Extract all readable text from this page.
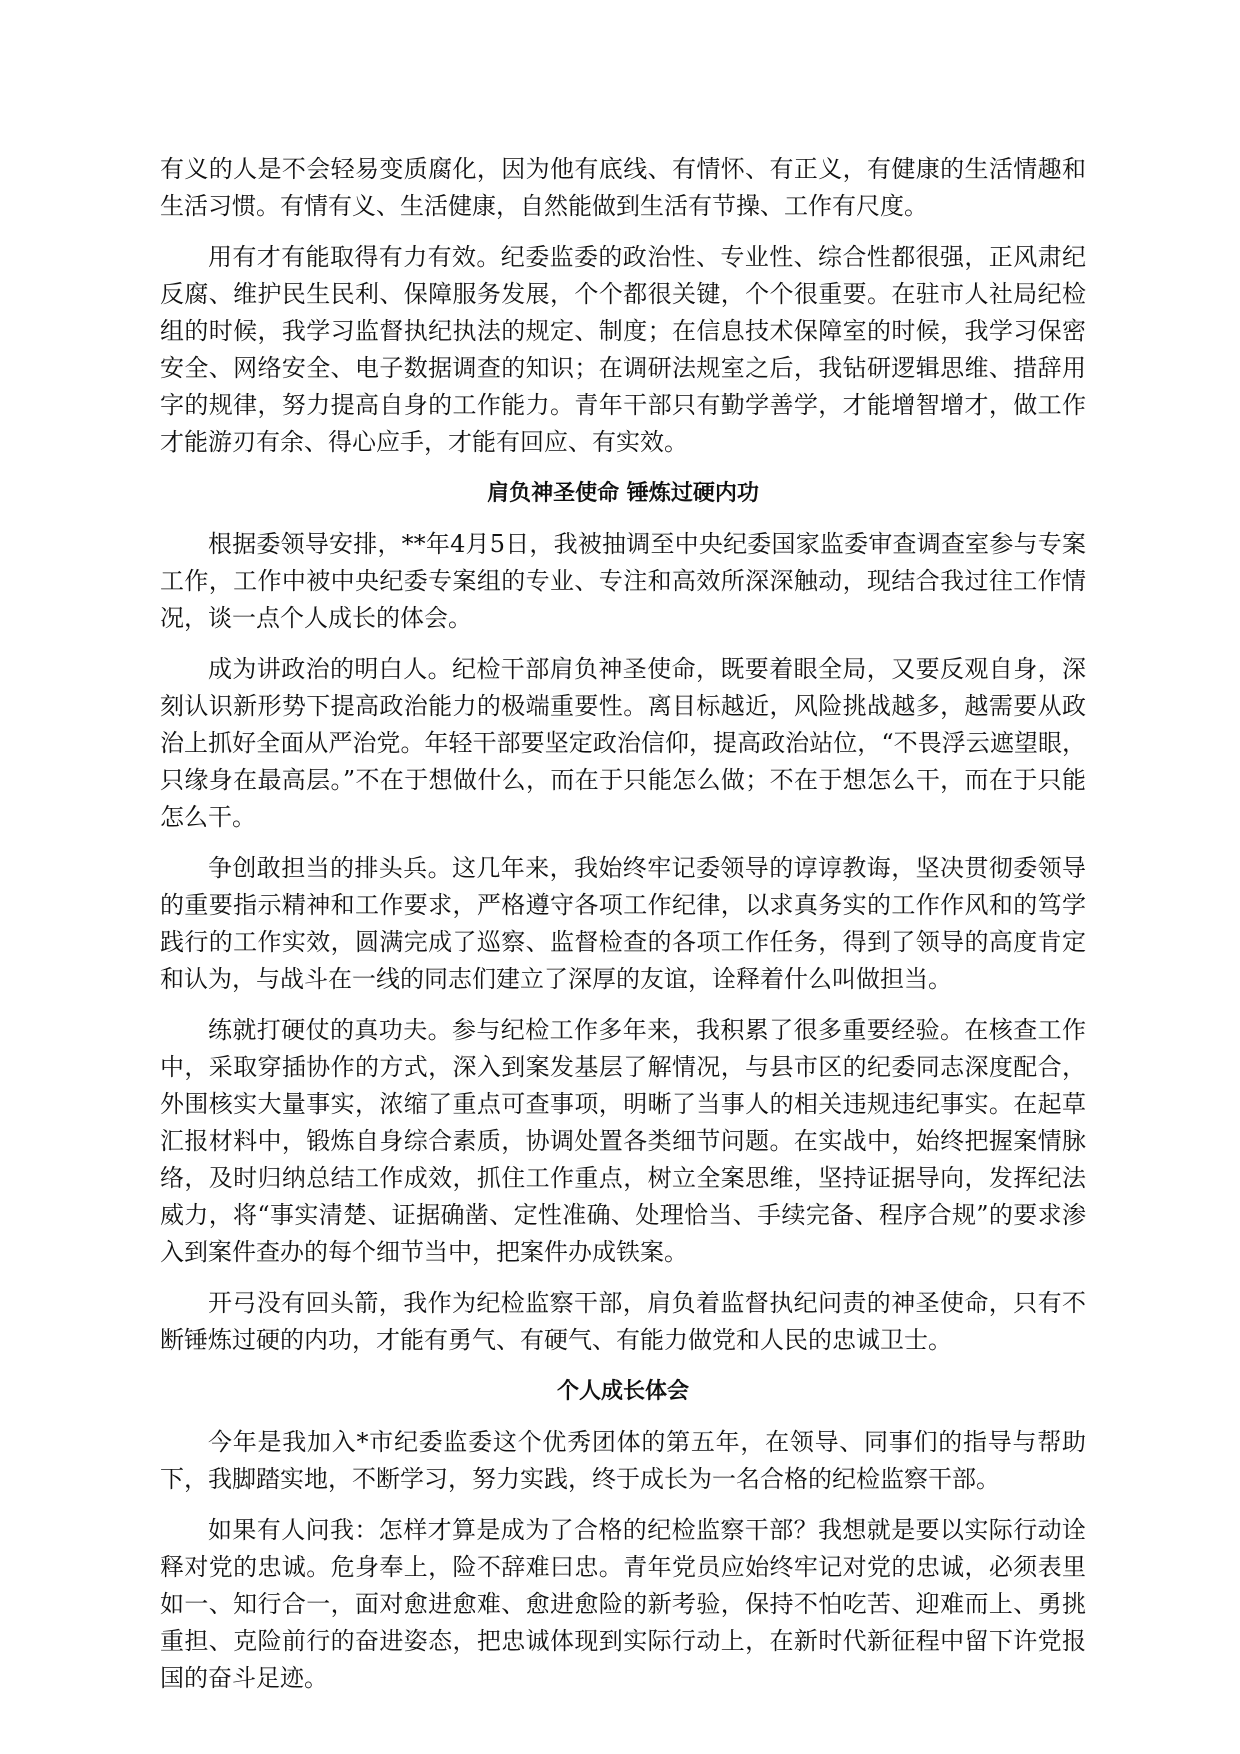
有义的人是不会轻易变质腐化，因为他有底线、有情怀、有正义，有健康的生活情趣和生活习惯。有情有义、生活健康，自然能做到生活有节操、工作有尺度。

用有才有能取得有力有效。纪委监委的政治性、专业性、综合性都很强，正风肃纪反腐、维护民生民利、保障服务发展，个个都很关键，个个很重要。在驻市人社局纪检组的时候，我学习监督执纪执法的规定、制度；在信息技术保障室的时候，我学习保密安全、网络安全、电子数据调查的知识；在调研法规室之后，我钻研逻辑思维、措辞用字的规律，努力提高自身的工作能力。青年干部只有勤学善学，才能增智增才，做工作才能游刃有余、得心应手，才能有回应、有实效。

肩负神圣使命 锤炼过硬内功

根据委领导安排，**年4月5日，我被抽调至中央纪委国家监委审查调查室参与专案工作，工作中被中央纪委专案组的专业、专注和高效所深深触动，现结合我过往工作情况，谈一点个人成长的体会。

成为讲政治的明白人。纪检干部肩负神圣使命，既要着眼全局，又要反观自身，深刻认识新形势下提高政治能力的极端重要性。离目标越近，风险挑战越多，越需要从政治上抓好全面从严治党。年轻干部要坚定政治信仰，提高政治站位，“不畏浮云遮望眼，只缘身在最高层。”不在于想做什么，而在于只能怎么做；不在于想怎么干，而在于只能怎么干。

争创敢担当的排头兵。这几年来，我始终牢记委领导的谆谆教诲，坚决贯彻委领导的重要指示精神和工作要求，严格遵守各项工作纪律，以求真务实的工作作风和的笃学践行的工作实效，圆满完成了巡察、监督检查的各项工作任务，得到了领导的高度肯定和认为，与战斗在一线的同志们建立了深厚的友谊，诠释着什么叫做担当。

练就打硬仗的真功夫。参与纪检工作多年来，我积累了很多重要经验。在核查工作中，采取穿插协作的方式，深入到案发基层了解情况，与县市区的纪委同志深度配合，外围核实大量事实，浓缩了重点可查事项，明晰了当事人的相关违规违纪事实。在起草汇报材料中，锻炼自身综合素质，协调处置各类细节问题。在实战中，始终把握案情脉络，及时归纳总结工作成效，抓住工作重点，树立全案思维，坚持证据导向，发挥纪法威力，将“事实清楚、证据确凿、定性准确、处理恰当、手续完备、程序合规”的要求渗入到案件查办的每个细节当中，把案件办成铁案。

开弓没有回头箭，我作为纪检监察干部，肩负着监督执纪问责的神圣使命，只有不断锤炼过硬的内功，才能有勇气、有硬气、有能力做党和人民的忠诚卫士。

个人成长体会

今年是我加入*市纪委监委这个优秀团体的第五年，在领导、同事们的指导与帮助下，我脚踏实地，不断学习，努力实践，终于成长为一名合格的纪检监察干部。

如果有人问我：怎样才算是成为了合格的纪检监察干部？我想就是要以实际行动诠释对党的忠诚。危身奉上，险不辞难曰忠。青年党员应始终牢记对党的忠诚，必须表里如一、知行合一，面对愈进愈难、愈进愈险的新考验，保持不怕吃苦、迎难而上、勇挑重担、克险前行的奋进姿态，把忠诚体现到实际行动上，在新时代新征程中留下许党报国的奋斗足迹。
